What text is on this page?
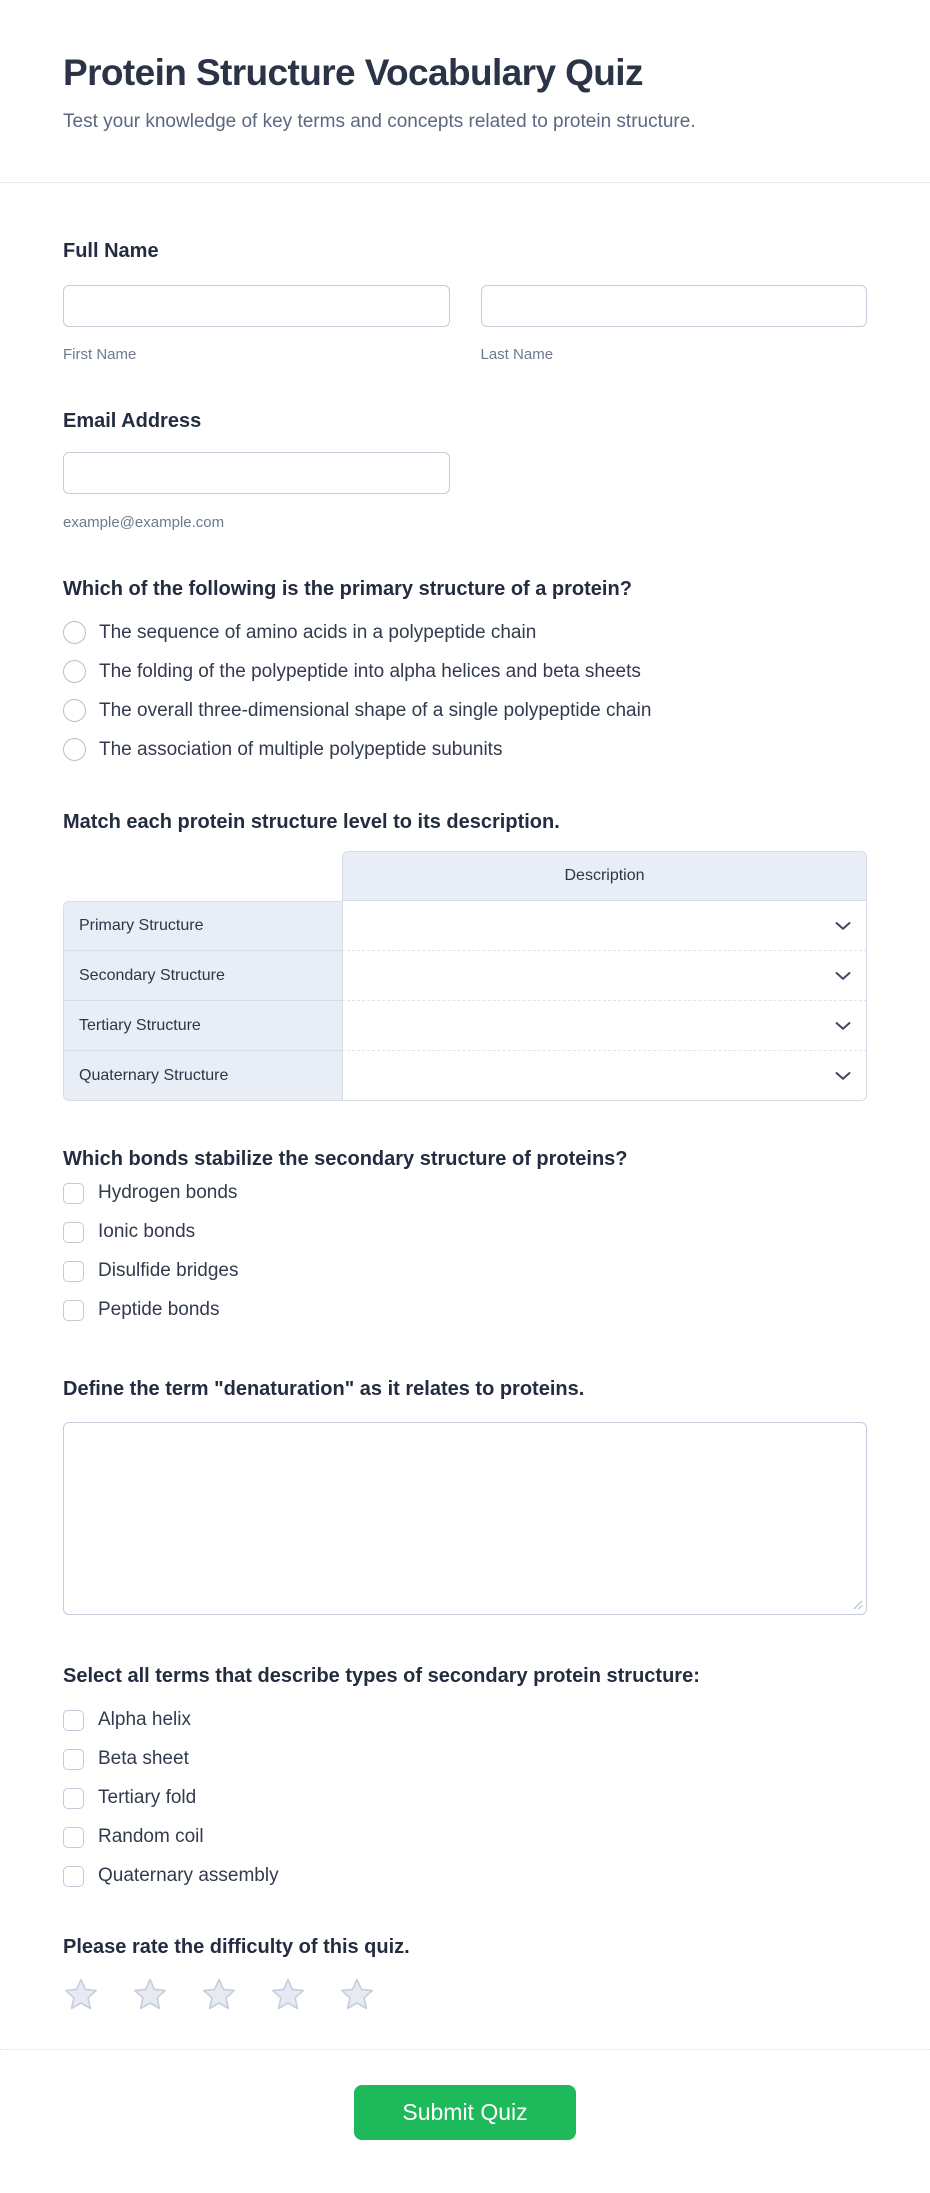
Protein Structure Vocabulary Quiz

Test your knowledge of key terms and concepts related to protein structure.

Full Name
First Name	Last Name
Email Address
example@example.com
Which of the following is the primary structure of a protein?
The sequence of amino acids in a polypeptide chain
The folding of the polypeptide into alpha helices and beta sheets
The overall three-dimensional shape of a single polypeptide chain
The association of multiple polypeptide subunits
Match each protein structure level to its description.
Description
Primary Structure
Secondary Structure
Tertiary Structure
Quaternary Structure
Which bonds stabilize the secondary structure of proteins?
Hydrogen bonds
Ionic bonds
Disulfide bridges
Peptide bonds
Define the term "denaturation" as it relates to proteins.
Select all terms that describe types of secondary protein structure:
Alpha helix
Beta sheet
Tertiary fold
Random coil
Quaternary assembly
Please rate the difficulty of this quiz.
Submit Quiz
